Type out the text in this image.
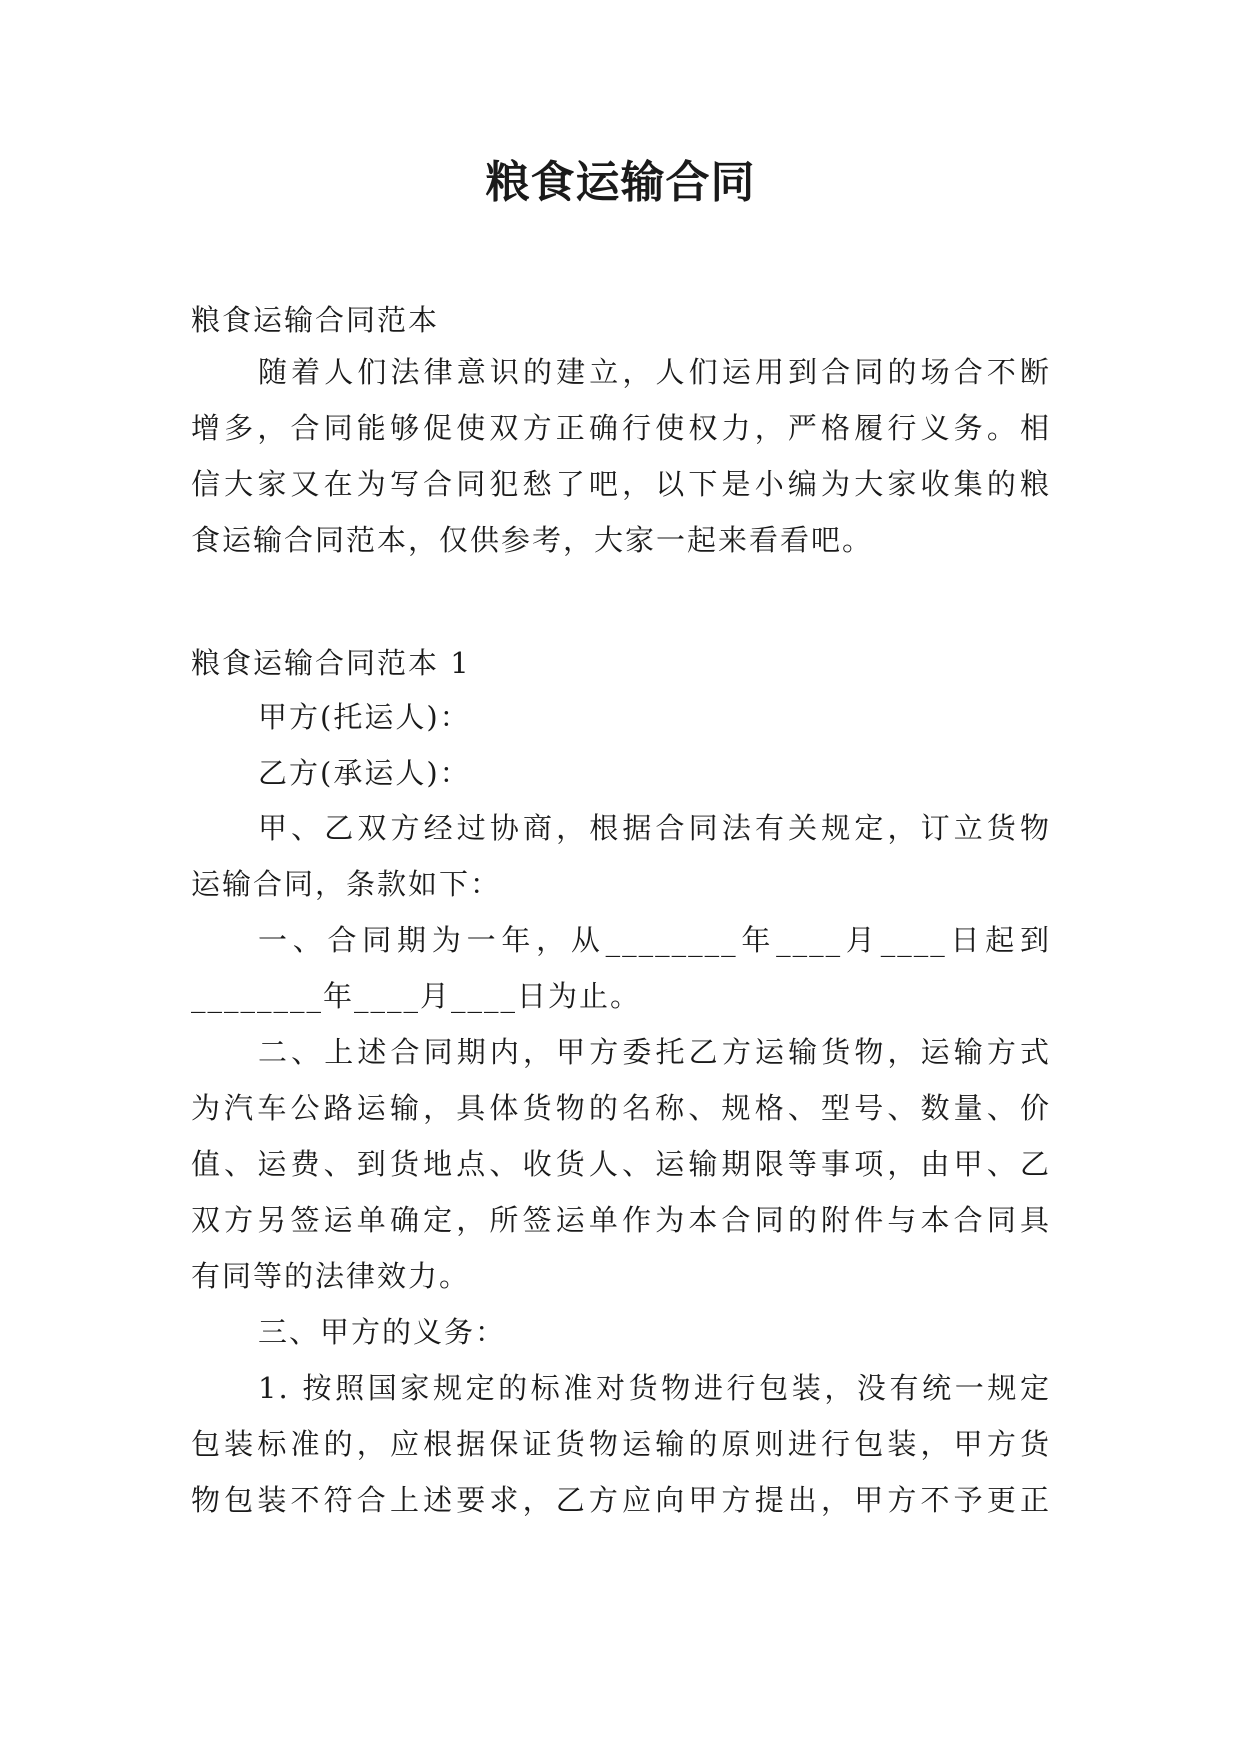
粮食运输合同
粮食运输合同范本
随着人们法律意识的建立，人们运用到合同的场合不断
增多，合同能够促使双方正确行使权力，严格履行义务。相
信大家又在为写合同犯愁了吧，以下是小编为大家收集的粮
食运输合同范本，仅供参考，大家一起来看看吧。
粮食运输合同范本 1
甲方(托运人)：
乙方(承运人)：
甲、乙双方经过协商，根据合同法有关规定，订立货物
运输合同，条款如下：
一、合同期为一年，从________年____月____日起到
________年____月____日为止。
二、上述合同期内，甲方委托乙方运输货物，运输方式
为汽车公路运输，具体货物的名称、规格、型号、数量、价
值、运费、到货地点、收货人、运输期限等事项，由甲、乙
双方另签运单确定，所签运单作为本合同的附件与本合同具
有同等的法律效力。
三、甲方的义务：
1. 按照国家规定的标准对货物进行包装，没有统一规定
包装标准的，应根据保证货物运输的原则进行包装，甲方货
物包装不符合上述要求，乙方应向甲方提出，甲方不予更正
